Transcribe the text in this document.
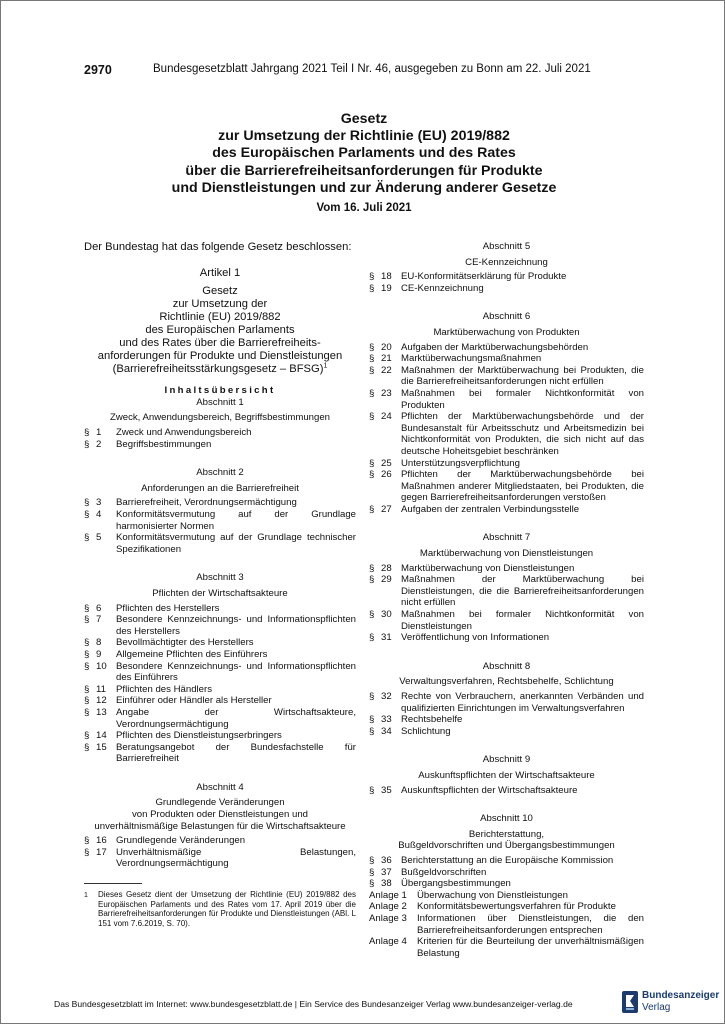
2970	Bundesgesetzblatt Jahrgang 2021 Teil I Nr. 46, ausgegeben zu Bonn am 22. Juli 2021
Gesetz
zur Umsetzung der Richtlinie (EU) 2019/882
des Europäischen Parlaments und des Rates
über die Barrierefreiheitsanforderungen für Produkte
und Dienstleistungen und zur Änderung anderer Gesetze
Vom 16. Juli 2021
Der Bundestag hat das folgende Gesetz beschlossen:
Artikel 1
Gesetz
zur Umsetzung der
Richtlinie (EU) 2019/882
des Europäischen Parlaments
und des Rates über die Barrierefreiheits-
anforderungen für Produkte und Dienstleistungen
(Barrierefreiheitsstärkungsgesetz – BFSG)$^1$
Inhaltsübersicht
Abschnitt 1
Zweck, Anwendungsbereich, Begriffsbestimmungen
§ 1	Zweck und Anwendungsbereich
§ 2	Begriffsbestimmungen
Abschnitt 2
Anforderungen an die Barrierefreiheit
§ 3	Barrierefreiheit, Verordnungsermächtigung
§ 4	Konformitätsvermutung auf der Grundlage harmonisierter Normen
§ 5	Konformitätsvermutung auf der Grundlage technischer Spezifikationen
Abschnitt 3
Pflichten der Wirtschaftsakteure
§ 6	Pflichten des Herstellers
§ 7	Besondere Kennzeichnungs- und Informationspflichten des Herstellers
§ 8	Bevollmächtigter des Herstellers
§ 9	Allgemeine Pflichten des Einführers
§ 10 Besondere Kennzeichnungs- und Informationspflichten des Einführers
§ 11	Pflichten des Händlers
§ 12 Einführer oder Händler als Hersteller
§ 13 Angabe der Wirtschaftsakteure, Verordnungsermächtigung
§ 14 Pflichten des Dienstleistungserbringers
§ 15 Beratungsangebot der Bundesfachstelle für Barrierefreiheit
Abschnitt 4
Grundlegende Veränderungen
von Produkten oder Dienstleistungen und
unverhältnismäßige Belastungen für die Wirtschaftsakteure
§ 16 Grundlegende Veränderungen
§ 17 Unverhältnismäßige Belastungen, Verordnungsermächtigung
1	Dieses Gesetz dient der Umsetzung der Richtlinie (EU) 2019/882 des Europäischen Parlaments und des Rates vom 17. April 2019 über die Barrierefreiheitsanforderungen für Produkte und Dienstleistungen (ABl. L 151 vom 7.6.2019, S. 70).
Abschnitt 5
CE-Kennzeichnung
§ 18 EU-Konformitätserklärung für Produkte
§ 19 CE-Kennzeichnung
Abschnitt 6
Marktüberwachung von Produkten
§ 20 Aufgaben der Marktüberwachungsbehörden
§ 21 Marktüberwachungsmaßnahmen
§ 22 Maßnahmen der Marktüberwachung bei Produkten, die die Barrierefreiheitsanforderungen nicht erfüllen
§ 23 Maßnahmen bei formaler Nichtkonformität von Produkten
§ 24 Pflichten der Marktüberwachungsbehörde und der Bundesanstalt für Arbeitsschutz und Arbeitsmedizin bei Nichtkonformität von Produkten, die sich nicht auf das deutsche Hoheitsgebiet beschränken
§ 25 Unterstützungsverpflichtung
§ 26 Pflichten der Marktüberwachungsbehörde bei Maßnahmen anderer Mitgliedstaaten, bei Produkten, die gegen Barrierefreiheitsanforderungen verstoßen
§ 27 Aufgaben der zentralen Verbindungsstelle
Abschnitt 7
Marktüberwachung von Dienstleistungen
§ 28 Marktüberwachung von Dienstleistungen
§ 29 Maßnahmen der Marktüberwachung bei Dienstleistungen, die die Barrierefreiheitsanforderungen nicht erfüllen
§ 30 Maßnahmen bei formaler Nichtkonformität von Dienstleistungen
§ 31 Veröffentlichung von Informationen
Abschnitt 8
Verwaltungsverfahren, Rechtsbehelfe, Schlichtung
§ 32 Rechte von Verbrauchern, anerkannten Verbänden und qualifizierten Einrichtungen im Verwaltungsverfahren
§ 33 Rechtsbehelfe
§ 34 Schlichtung
Abschnitt 9
Auskunftspflichten der Wirtschaftsakteure
§ 35 Auskunftspflichten der Wirtschaftsakteure
Abschnitt 10
Berichterstattung,
Bußgeldvorschriften und Übergangsbestimmungen
§ 36 Berichterstattung an die Europäische Kommission
§ 37 Bußgeldvorschriften
§ 38 Übergangsbestimmungen
Anlage 1	Überwachung von Dienstleistungen
Anlage 2	Konformitätsbewertungsverfahren für Produkte
Anlage 3	Informationen über Dienstleistungen, die den Barrierefreiheitsanforderungen entsprechen
Anlage 4	Kriterien für die Beurteilung der unverhältnismäßigen Belastung
Das Bundesgesetzblatt im Internet: www.bundesgesetzblatt.de | Ein Service des Bundesanzeiger Verlag www.bundesanzeiger-verlag.de
Bundesanzeiger
Verlag
